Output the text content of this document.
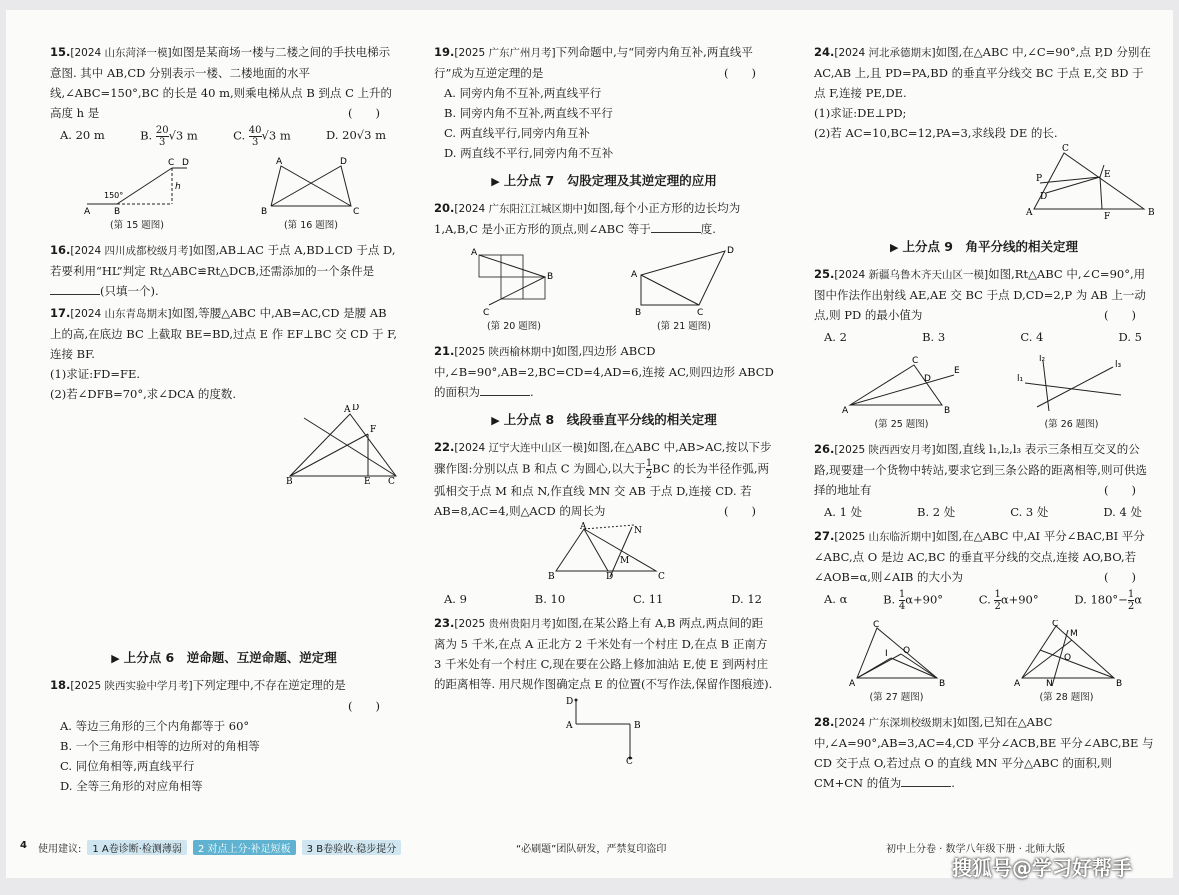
15.[2024 山东菏泽一模]如图是某商场一楼与二楼之间的手扶电梯示意图. 其中 AB,CD 分别表示一楼、二楼地面的水平线,∠ABC=150°,BC 的长是 40 m,则乘电梯从点 B 到点 C 上升的高度 h 是	(　　)

A. 20 m	B. $\frac{20}{3} √3$ m	C. $\frac{40}{3} √3$ m	D. 20√3 m
A	B
C D
150°
h
(第 15 题图)
A
B	C
D
(第 16 题图)

16.[2024 四川成都校级月考]如图,AB⊥AC 于点 A,BD⊥CD 于点 D,若要利用“HL”判定 Rt△ABC≌Rt△DCB,还需添加的一个条件是(只填一个).

17.[2024 山东青岛期末]如图,等腰△ABC 中,AB=AC,CD 是腰 AB 上的高,在底边 BC 上截取 BE=BD,过点 E 作 EF⊥BC 交 CD 于 F,连接 BF.

(1)求证:FD=FE.

(2)若∠DFB=70°,求∠DCA 的度数.

A
B	C
D
E
F
▶ 上分点 6　逆命题、互逆命题、逆定理

18.[2025 陕西实验中学月考]下列定理中,不存在逆定理的是

(　　)

A. 等边三角形的三个内角都等于 60°

B. 一个三角形中相等的边所对的角相等

C. 同位角相等,两直线平行

D. 全等三角形的对应角相等

19.[2025 广东广州月考]下列命题中,与“同旁内角互补,两直线平行”成为互逆定理的是	(　　)

A. 同旁内角不互补,两直线平行

B. 同旁内角不互补,两直线不平行

C. 两直线平行,同旁内角互补

D. 两直线不平行,同旁内角不互补

▶ 上分点 7　勾股定理及其逆定理的应用

20.[2024 广东阳江江城区期中]如图,每个小正方形的边长均为 1,A,B,C 是小正方形的顶点,则∠ABC 等于	度.

A
B
C
(第 20 题图)
A
B	C
D
(第 21 题图)

21.[2025 陕西榆林期中]如图,四边形 ABCD 中,∠B=90°,AB=2,BC=CD=4,AD=6,连接 AC,则四边形 ABCD 的面积为	.

▶ 上分点 8　线段垂直平分线的相关定理

22.[2024 辽宁大连中山区一模]如图,在△ABC 中,AB>AC,按以下步骤作图:分别以点 B 和点 C 为圆心,以大于 $\frac{1}{2}$ BC 的长为半径作弧,两弧相交于点 M 和点 N,作直线 MN 交 AB 于点 D,连接 CD. 若 AB=8,AC=4,则△ACD 的周长为	(　　)

A
B	C
D
M
N
A. 9	B. 10	C. 11	D. 12

23.[2025 贵州贵阳月考]如图,在某公路上有 A,B 两点,两点间的距离为 5 千米,在点 A 正北方 2 千米处有一个村庄 D,在点 B 正南方 3 千米处有一个村庄 C,现在要在公路上修加油站 E,使 E 到两村庄的距离相等. 用尺规作图确定点 E 的位置(不写作法,保留作图痕迹).

D
A	B
C

24.[2024 河北承德期末]如图,在△ABC 中,∠C=90°,点 P,D 分别在 AC,AB 上,且 PD=PA,BD 的垂直平分线交 BC 于点 E,交 BD 于点 F,连接 PE,DE.

(1)求证:DE⊥PD;

(2)若 AC=10,BC=12,PA=3,求线段 DE 的长.

A	B
C
P
D
E
F
▶ 上分点 9　角平分线的相关定理

25.[2024 新疆乌鲁木齐天山区一模]如图,Rt△ABC 中,∠C=90°,用图中作法作出射线 AE,AE 交 BC 于点 D,CD=2,P 为 AB 上一动点,则 PD 的最小值为	(　　)

A. 2	B. 3	C. 4	D. 5
A	B
C
D
E
(第 25 题图)
l₁
l₂
l₃
(第 26 题图)

26.[2025 陕西西安月考]如图,直线 l₁,l₂,l₃ 表示三条相互交叉的公路,现要建一个货物中转站,要求它到三条公路的距离相等,则可供选择的地址有	(　　)

A. 1 处	B. 2 处	C. 3 处	D. 4 处

27.[2025 山东临沂期中]如图,在△ABC 中,AI 平分∠BAC,BI 平分∠ABC,点 O 是边 AC,BC 的垂直平分线的交点,连接 AO,BO,若∠AOB=α,则∠AIB 的大小为	(　　)

A. α	B. $\frac{1}{4} \alpha+90^\circ$	C. $\frac{1}{2} \alpha+90^\circ$	D. $180^\circ- \frac{1}{2}$ α
A	B
C
I O
(第 27 题图)
A	B
C
M
N
O
(第 28 题图)

28.[2024 广东深圳校级期末]如图,已知在△ABC 中,∠A=90°,AB=3,AC=4,CD 平分∠ACB,BE 平分∠ABC,BE 与 CD 交于点 O,若过点 O 的直线 MN 平分△ABC 的面积,则 CM+CN 的值为	.

4 使用建议:	1 A卷诊断·检测薄弱	2 对点上分·补足短板	3 B卷验收·稳步提分	“必刷题”团队研发，严禁复印盗印	初中上分卷 · 数学八年级下册 · 北师大版
搜狐号@学习好帮手
